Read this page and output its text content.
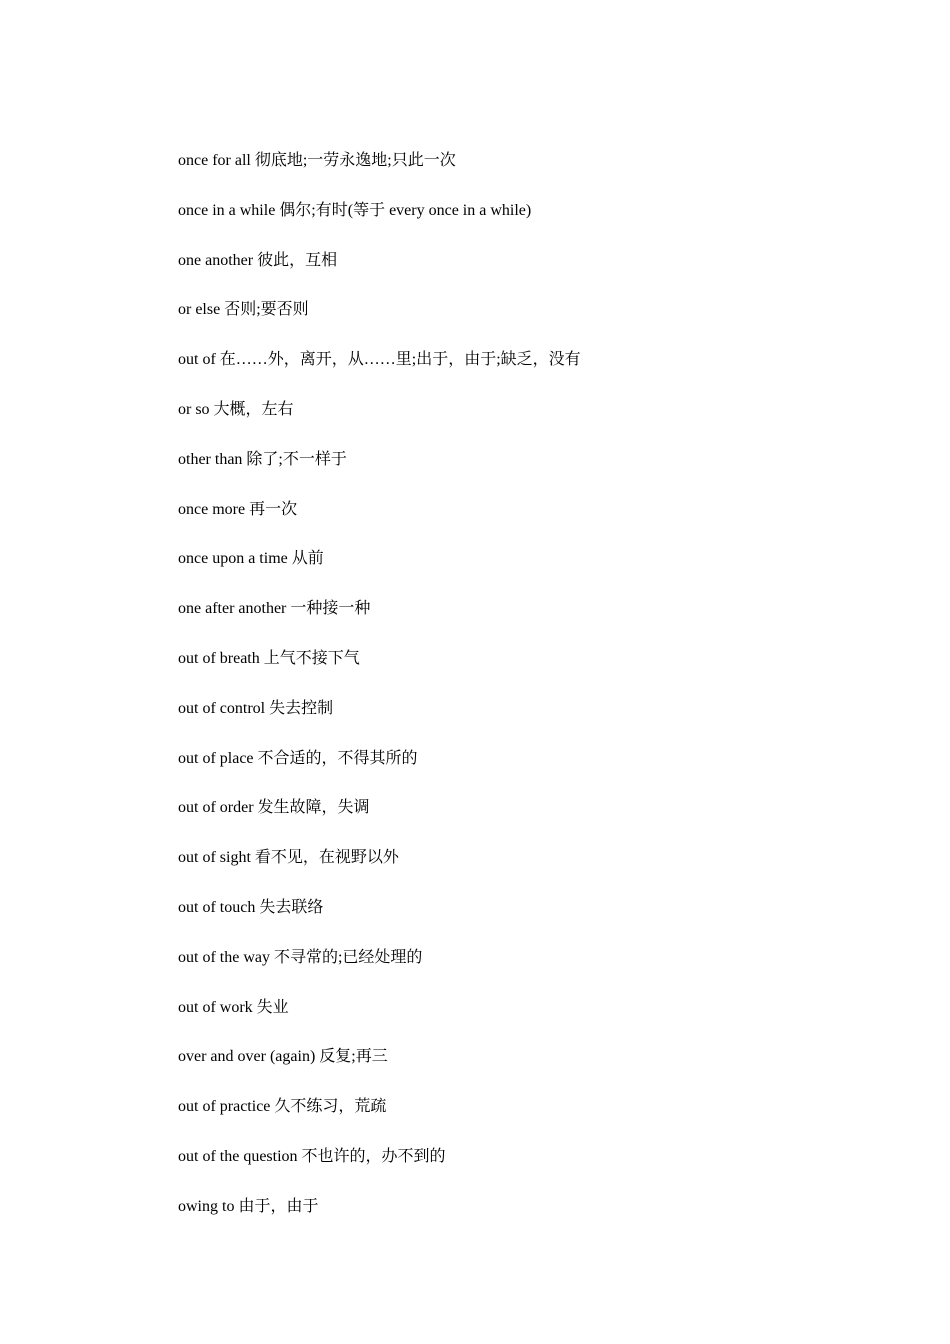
once for all 彻底地;一劳永逸地;只此一次
once in a while 偶尔;有时(等于 every once in a while)
one another 彼此，互相
or else 否则;要否则
out of 在……外，离开，从……里;出于，由于;缺乏，没有
or so 大概，左右
other than 除了;不一样于
once more 再一次
once upon a time 从前
one after another 一种接一种
out of breath 上气不接下气
out of control 失去控制
out of place 不合适的，不得其所的
out of order 发生故障，失调
out of sight 看不见，在视野以外
out of touch 失去联络
out of the way 不寻常的;已经处理的
out of work 失业
over and over (again) 反复;再三
out of practice 久不练习，荒疏
out of the question 不也许的，办不到的
owing to 由于，由于
